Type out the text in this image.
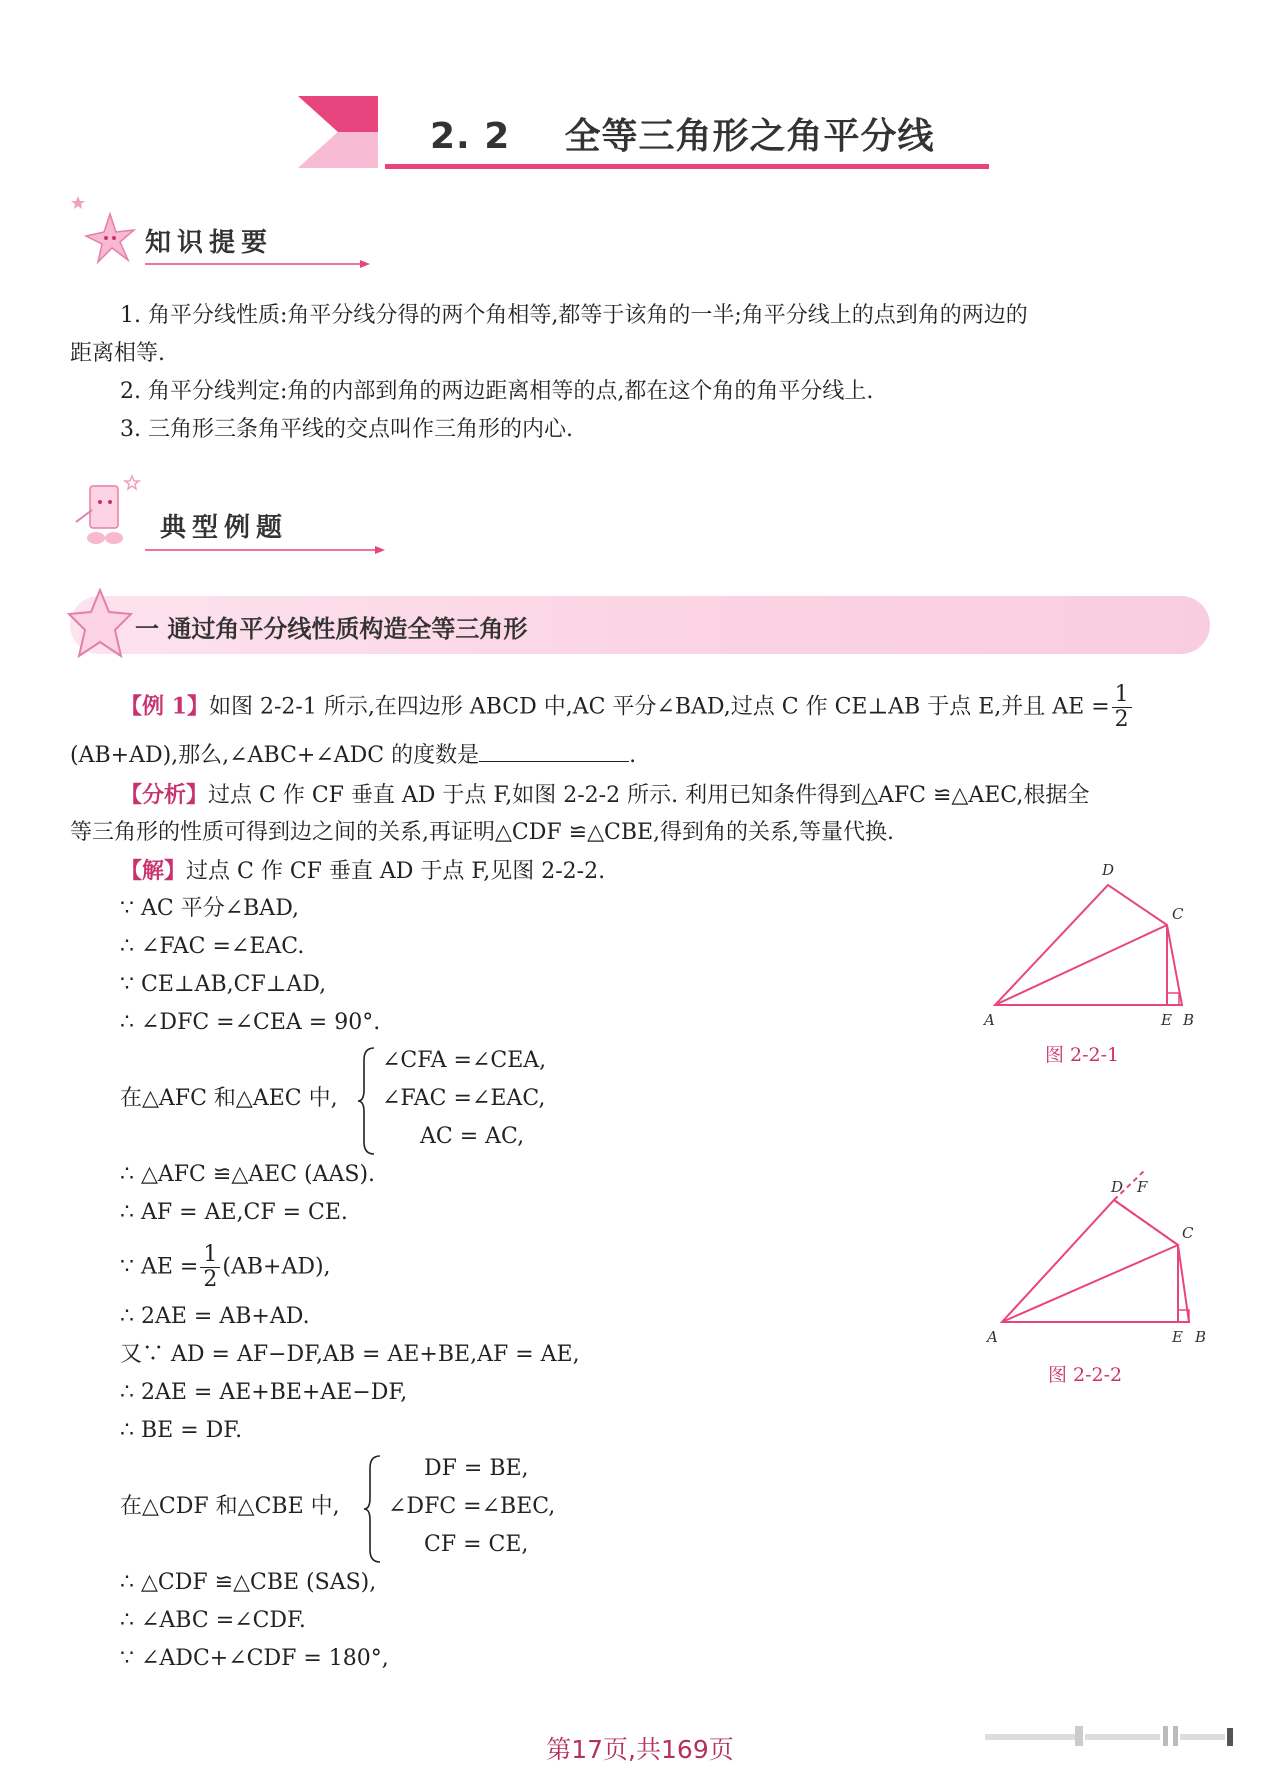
2. 2 全等三角形之角平分线
知识提要
1. 角平分线性质:角平分线分得的两个角相等,都等于该角的一半;角平分线上的点到角的两边的
距离相等.
2. 角平分线判定:角的内部到角的两边距离相等的点,都在这个角的角平分线上.
3. 三角形三条角平线的交点叫作三角形的内心.
典型例题
一 通过角平分线性质构造全等三角形
【例 1】如图 2-2-1 所示,在四边形 ABCD 中,AC 平分∠BAD,过点 C 作 CE⊥AB 于点 E,并且 AE = $\frac{1}{2}$
(AB+AD),那么,∠ABC+∠ADC 的度数是	.
【分析】过点 C 作 CF 垂直 AD 于点 F,如图 2-2-2 所示. 利用已知条件得到△AFC ≌△AEC,根据全
等三角形的性质可得到边之间的关系,再证明△CDF ≌△CBE,得到角的关系,等量代换.
【解】过点 C 作 CF 垂直 AD 于点 F,见图 2-2-2.
∵ AC 平分∠BAD,
∴ ∠FAC =∠EAC.
∵ CE⊥AB,CF⊥AD,
∴ ∠DFC =∠CEA = 90°.
在△AFC 和△AEC 中,
∠CFA =∠CEA,
∠FAC =∠EAC,
AC = AC,
∴ △AFC ≌△AEC (AAS).
∴ AF = AE,CF = CE.
∵ AE = $\frac{1}{2} (AB+AD)$,
∴ 2AE = AB+AD.
又∵ AD = AF−DF,AB = AE+BE,AF = AE,
∴ 2AE = AE+BE+AE−DF,
∴ BE = DF.
在△CDF 和△CBE 中,
DF = BE,
∠DFC =∠BEC,
CF = CE,
∴ △CDF ≌△CBE (SAS),
∴ ∠ABC =∠CDF.
∵ ∠ADC+∠CDF = 180°,
D
C
A	E B
图 2-2-1
D F
C
A	E B
图 2-2-2
第17页,共169页
